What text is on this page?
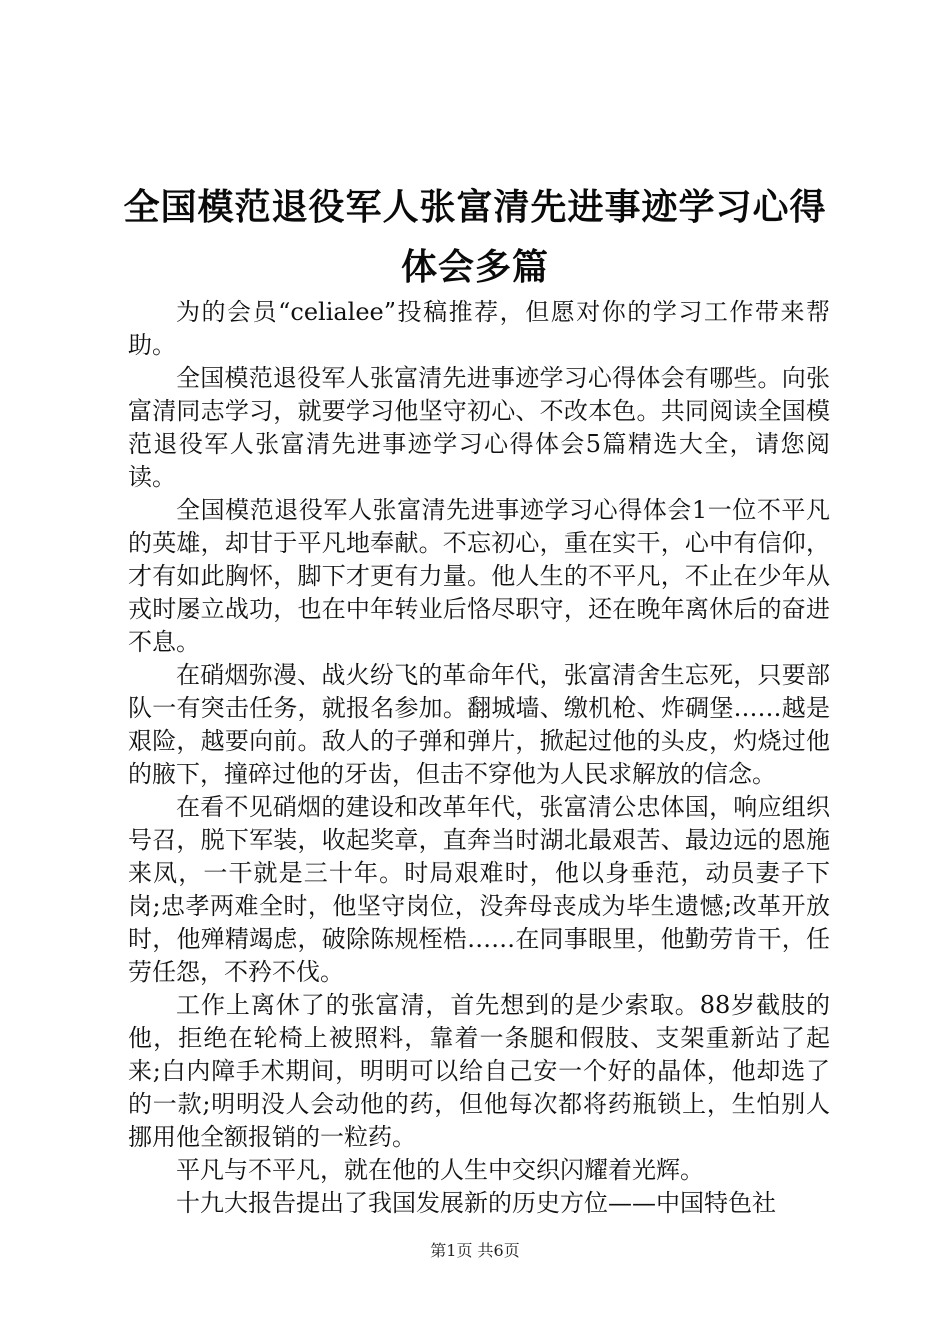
全国模范退役军人张富清先进事迹学习心得体会多篇

为的会员“celialee”投稿推荐，但愿对你的学习工作带来帮助。

全国模范退役军人张富清先进事迹学习心得体会有哪些。向张富清同志学习，就要学习他坚守初心、不改本色。共同阅读全国模范退役军人张富清先进事迹学习心得体会5篇精选大全，请您阅读。

全国模范退役军人张富清先进事迹学习心得体会1一位不平凡的英雄，却甘于平凡地奉献。不忘初心，重在实干，心中有信仰，才有如此胸怀，脚下才更有力量。他人生的不平凡，不止在少年从戎时屡立战功，也在中年转业后恪尽职守，还在晚年离休后的奋进不息。

在硝烟弥漫、战火纷飞的革命年代，张富清舍生忘死，只要部队一有突击任务，就报名参加。翻城墙、缴机枪、炸碉堡……越是艰险，越要向前。敌人的子弹和弹片，掀起过他的头皮，灼烧过他的腋下，撞碎过他的牙齿，但击不穿他为人民求解放的信念。

在看不见硝烟的建设和改革年代，张富清公忠体国，响应组织号召，脱下军装，收起奖章，直奔当时湖北最艰苦、最边远的恩施来凤，一干就是三十年。时局艰难时，他以身垂范，动员妻子下岗;忠孝两难全时，他坚守岗位，没奔母丧成为毕生遗憾;改革开放时，他殚精竭虑，破除陈规桎梏……在同事眼里，他勤劳肯干，任劳任怨，不矜不伐。

工作上离休了的张富清，首先想到的是少索取。88岁截肢的他，拒绝在轮椅上被照料，靠着一条腿和假肢、支架重新站了起来;白内障手术期间，明明可以给自己安一个好的晶体，他却选了的一款;明明没人会动他的药，但他每次都将药瓶锁上，生怕别人挪用他全额报销的一粒药。

平凡与不平凡，就在他的人生中交织闪耀着光辉。

十九大报告提出了我国发展新的历史方位——中国特色社

第1页 共6页
